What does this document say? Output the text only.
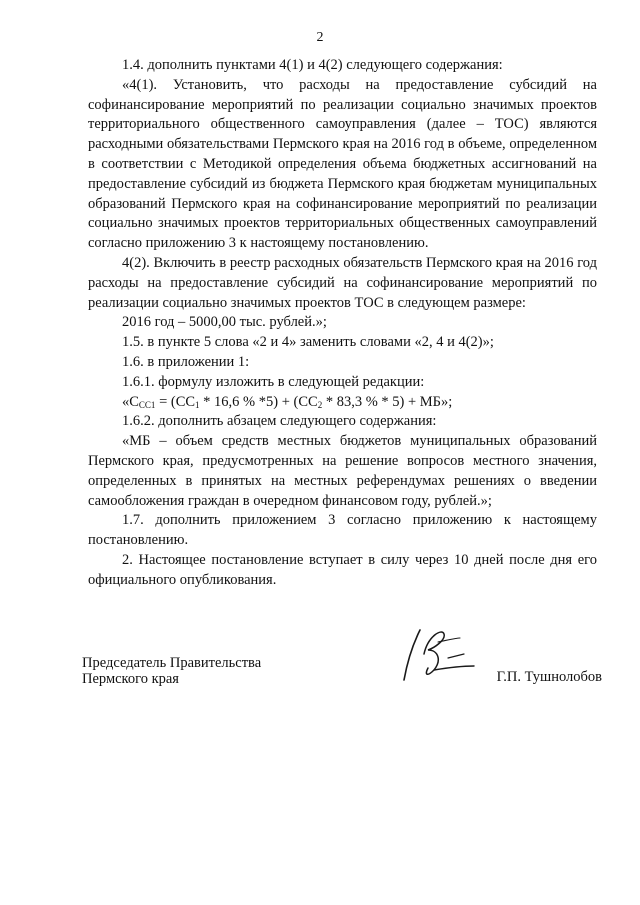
2

1.4. дополнить пунктами 4(1) и 4(2) следующего содержания:

«4(1). Установить, что расходы на предоставление субсидий на софинансирование мероприятий по реализации социально значимых проектов территориального общественного самоуправления (далее – ТОС) являются расходными обязательствами Пермского края на 2016 год в объеме, определенном в соответствии с Методикой определения объема бюджетных ассигнований на предоставление субсидий из бюджета Пермского края бюджетам муниципальных образований Пермского края на софинансирование мероприятий по реализации социально значимых проектов территориальных общественных самоуправлений согласно приложению 3 к настоящему постановлению.

4(2). Включить в реестр расходных обязательств Пермского края на 2016 год расходы на предоставление субсидий на софинансирование мероприятий по реализации социально значимых проектов ТОС в следующем размере:

2016 год – 5000,00 тыс. рублей.»;

1.5. в пункте 5 слова «2 и 4» заменить словами «2, 4 и 4(2)»;

1.6. в приложении 1:

1.6.1. формулу изложить в следующей редакции:

«$С_{СС1} = (СС_1 * 16,6$ % $*5) + (СС_2 * 83,3$ % * 5) + МБ»;

1.6.2. дополнить абзацем следующего содержания:

«МБ – объем средств местных бюджетов муниципальных образований Пермского края, предусмотренных на решение вопросов местного значения, определенных в принятых на местных референдумах решениях о введении самообложения граждан в очередном финансовом году, рублей.»;

1.7. дополнить приложением 3 согласно приложению к настоящему постановлению.

2. Настоящее постановление вступает в силу через 10 дней после дня его официального опубликования.

Председатель Правительства
Пермского края	Г.П. Тушнолобов
